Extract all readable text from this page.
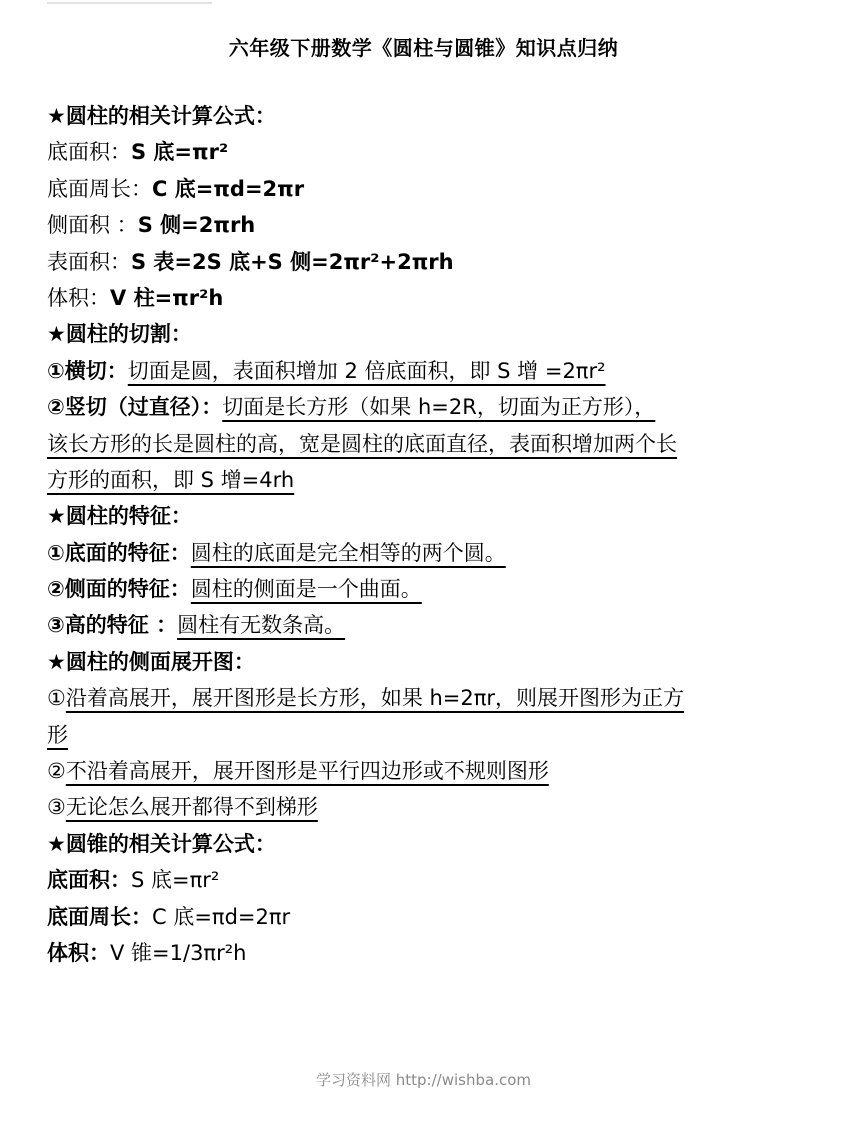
六年级下册数学《圆柱与圆锥》知识点归纳
★圆柱的相关计算公式：
底面积：S 底=πr²
底面周长：C 底=πd=2πr
侧面积 ：S 侧=2πrh
表面积：S 表=2S 底+S 侧=2πr²+2πrh
体积：V 柱=πr²h
★圆柱的切割：
①横切：切面是圆，表面积增加 2 倍底面积，即 S 增 =2πr²
②竖切（过直径）：切面是长方形（如果 h=2R，切面为正方形），
该长方形的长是圆柱的高，宽是圆柱的底面直径，表面积增加两个长
方形的面积，即 S 增=4rh
★圆柱的特征：
①底面的特征：圆柱的底面是完全相等的两个圆。
②侧面的特征：圆柱的侧面是一个曲面。
③高的特征 ：圆柱有无数条高。
★圆柱的侧面展开图：
①沿着高展开，展开图形是长方形，如果 h=2πr，则展开图形为正方
形
②不沿着高展开，展开图形是平行四边形或不规则图形
③无论怎么展开都得不到梯形
★圆锥的相关计算公式：
底面积：S 底=πr²
底面周长：C 底=πd=2πr
体积：V 锥=1/3πr²h
学习资料网 http://wishba.com
